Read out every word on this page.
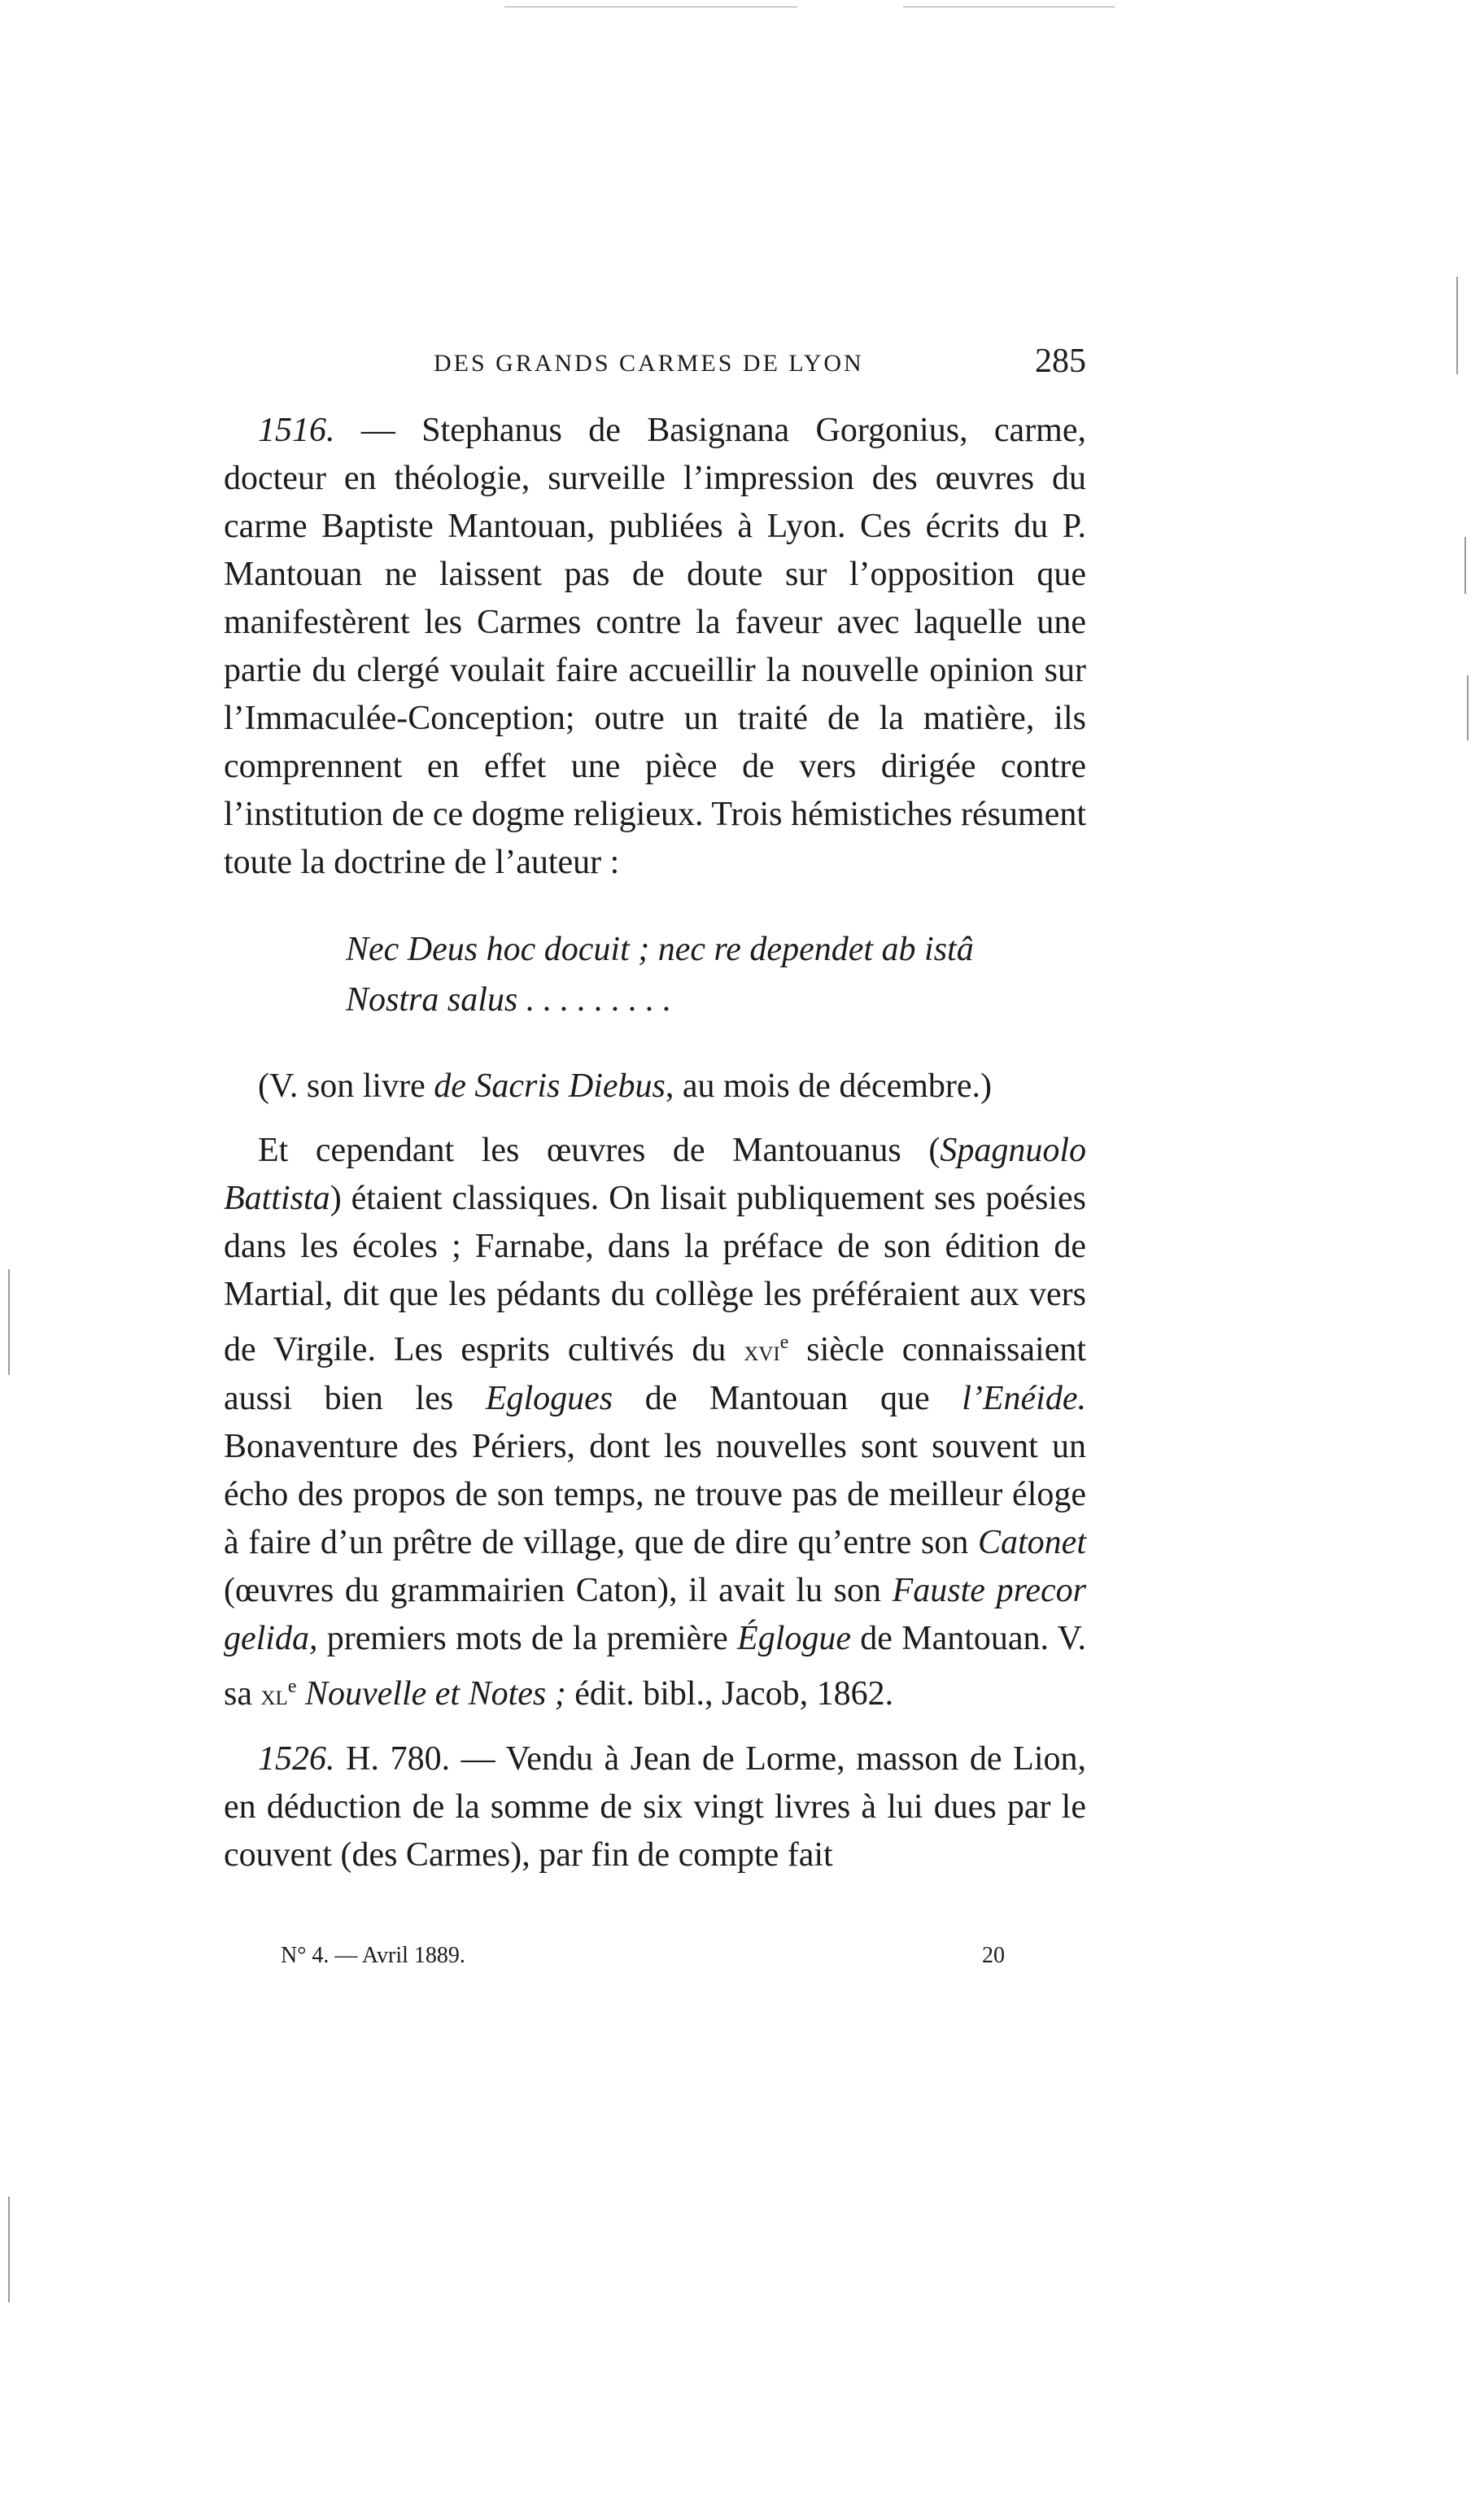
DES GRANDS CARMES DE LYON	285

1516. — Stephanus de Basignana Gorgonius, carme, docteur en théologie, surveille l’impression des œuvres du carme Baptiste Mantouan, publiées à Lyon. Ces écrits du P. Mantouan ne laissent pas de doute sur l’opposition que manifestèrent les Carmes contre la faveur avec laquelle une partie du clergé voulait faire accueillir la nouvelle opinion sur l’Immaculée-Conception; outre un traité de la matière, ils comprennent en effet une pièce de vers dirigée contre l’institution de ce dogme religieux. Trois hémistiches résument toute la doctrine de l’auteur :

Nec Deus hoc docuit ; nec re dependet ab istâ
Nostra salus . . . . . . . . .

(V. son livre de Sacris Diebus, au mois de décembre.)

Et cependant les œuvres de Mantouanus (Spagnuolo Battista) étaient classiques. On lisait publiquement ses poésies dans les écoles ; Farnabe, dans la préface de son édition de Martial, dit que les pédants du collège les préféraient aux vers de Virgile. Les esprits cultivés du xvi$^e$ siècle connaissaient aussi bien les Eglogues de Mantouan que l’Enéide. Bonaventure des Périers, dont les nouvelles sont souvent un écho des propos de son temps, ne trouve pas de meilleur éloge à faire d’un prêtre de village, que de dire qu’entre son Catonet (œuvres du grammairien Caton), il avait lu son Fauste precor gelida, premiers mots de la première Églogue de Mantouan. V. sa $xl^e$ Nouvelle et Notes ; édit. bibl., Jacob, 1862.

1526. H. 780. — Vendu à Jean de Lorme, masson de Lion, en déduction de la somme de six vingt livres à lui dues par le couvent (des Carmes), par fin de compte fait

N° 4. — Avril 1889.	20
